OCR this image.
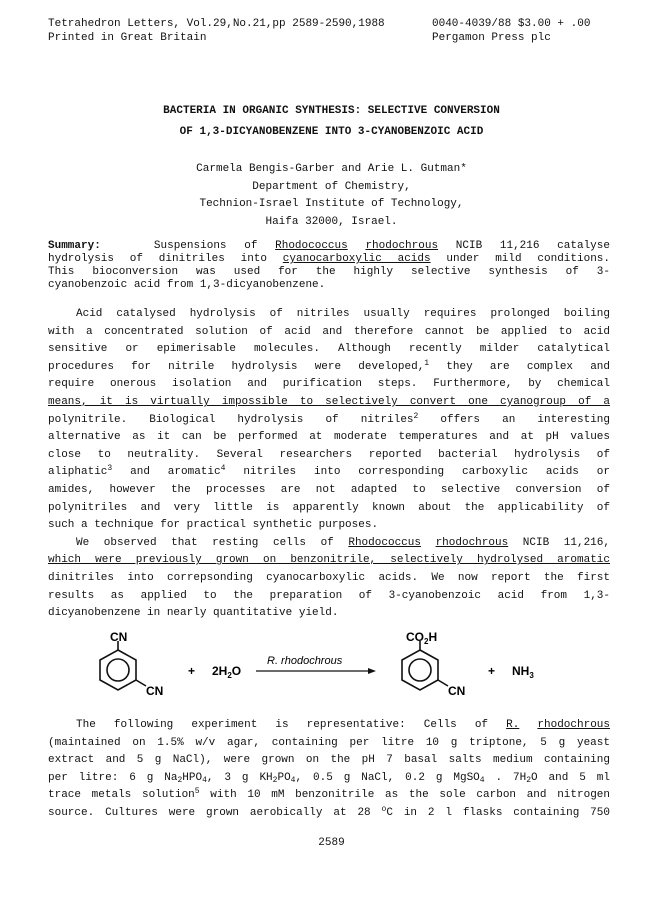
Tetrahedron Letters, Vol.29,No.21,pp 2589-2590,1988
Printed in Great Britain
0040-4039/88 $3.00 + .00
Pergamon Press plc
BACTERIA IN ORGANIC SYNTHESIS: SELECTIVE CONVERSION
OF 1,3-DICYANOBENZENE INTO 3-CYANOBENZOIC ACID
Carmela Bengis-Garber and Arie L. Gutman*
Department of Chemistry,
Technion-Israel Institute of Technology,
Haifa 32000, Israel.
Summary:	Suspensions of Rhodococcus rhodochrous NCIB 11,216 catalyse
hydrolysis of dinitriles into cyanocarboxylic acids under mild conditions.
This bioconversion was used for the highly selective synthesis of 3-
cyanobenzoic acid from 1,3-dicyanobenzene.
Acid catalysed hydrolysis of nitriles usually requires prolonged boiling
with a concentrated solution of acid and therefore cannot be applied to acid
sensitive or epimerisable molecules. Although recently milder catalytical
procedures for nitrile hydrolysis were developed,$^1$ they are complex and
require onerous isolation and purification steps. Furthermore, by chemical
means, it is virtually impossible to selectively convert one cyanogroup of a
polynitrile. Biological hydrolysis of nitriles$^2$ offers an interesting
alternative as it can be performed at moderate temperatures and at pH values
close to neutrality. Several researchers reported bacterial hydrolysis of
aliphatic$^3$ and aromatic$^4$ nitriles into corresponding carboxylic acids or
amides, however the processes are not adapted to selective conversion of
polynitriles and very little is apparently known about the applicability of
such a technique for practical synthetic purposes.
We observed that resting cells of Rhodococcus rhodochrous NCIB 11,216,
which were previously grown on benzonitrile, selectively hydrolysed aromatic
dinitriles into correpsonding cyanocarboxylic acids. We now report the first
results as applied to the preparation of 3-cyanobenzoic acid from 1,3-
dicyanobenzene in nearly quantitative yield.
CN
CN
+ $2H_2O$
R. rhodochrous
$CO_2H$
CN
+ $NH_3$
The following experiment is representative: Cells of R. rhodochrous
(maintained on 1.5% w/v agar, containing per litre 10 g triptone, 5 g yeast
extract and 5 g NaCl), were grown on the pH 7 basal salts medium containing
per litre: 6 g $Na_2HPO_4$, 3 g $KH_2PO_4$, 0.5 g NaCl, 0.2 g MgSO$_4$ . $7H_2O$ and 5 ml
trace metals solution$^5$ with 10 mM benzonitrile as the sole carbon and nitrogen
source. Cultures were grown aerobically at 28 $^o$C in 2 l flasks containing 750
2589
